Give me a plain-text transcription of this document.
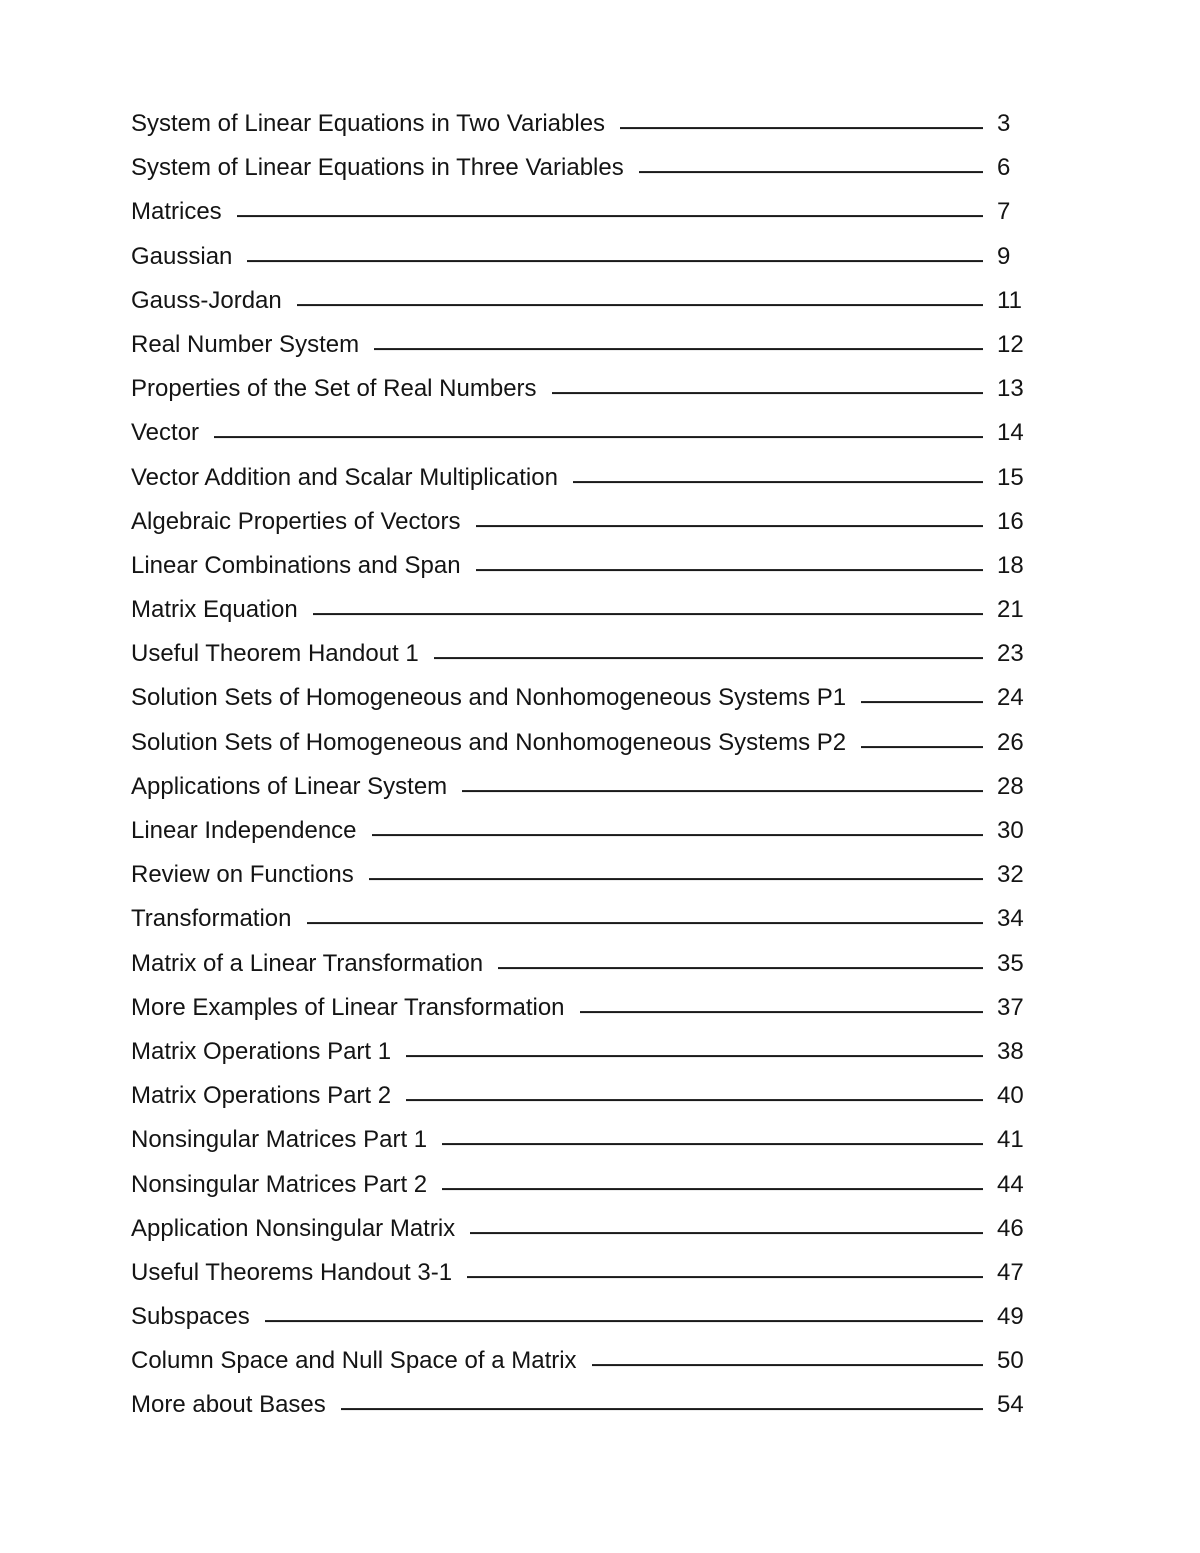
System of Linear Equations in Two Variables	3
System of Linear Equations in Three Variables	6
Matrices	7
Gaussian	9
Gauss-Jordan	11
Real Number System	12
Properties of the Set of Real Numbers	13
Vector	14
Vector Addition and Scalar Multiplication	15
Algebraic Properties of Vectors	16
Linear Combinations and Span	18
Matrix Equation	21
Useful Theorem Handout 1	23
Solution Sets of Homogeneous and Nonhomogeneous Systems P1	24
Solution Sets of Homogeneous and Nonhomogeneous Systems P2	26
Applications of Linear System	28
Linear Independence	30
Review on Functions	32
Transformation	34
Matrix of a Linear Transformation	35
More Examples of Linear Transformation	37
Matrix Operations Part 1	38
Matrix Operations Part 2	40
Nonsingular Matrices Part 1	41
Nonsingular Matrices Part 2	44
Application Nonsingular Matrix	46
Useful Theorems Handout 3-1	47
Subspaces	49
Column Space and Null Space of a Matrix	50
More about Bases	54
